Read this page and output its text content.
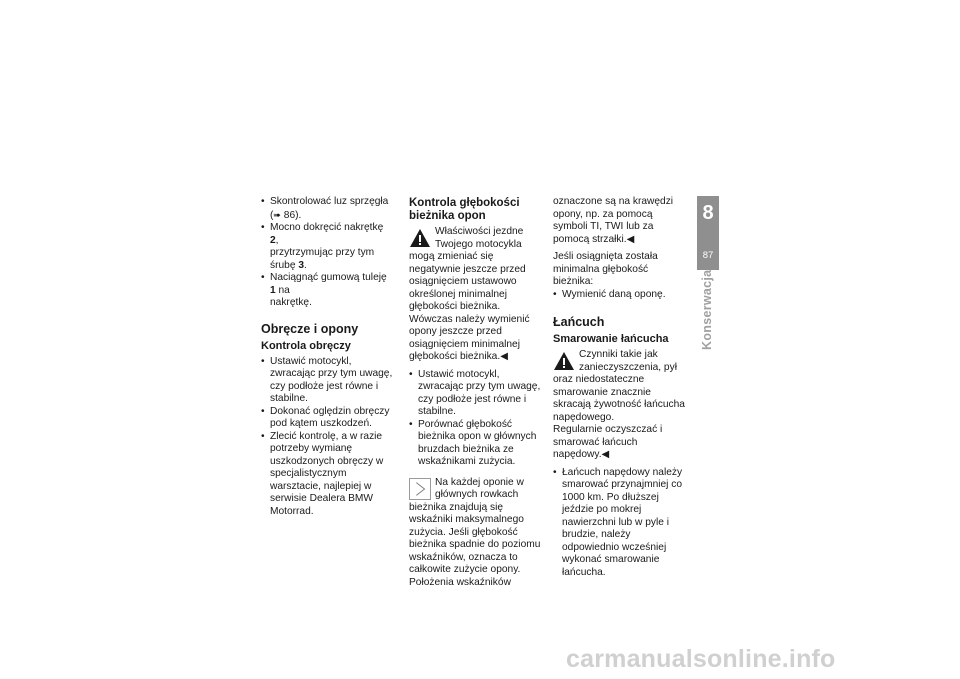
• Skontrolować luz sprzęgła
(➠ 86).
• Mocno dokręcić nakrętkę 2,
przytrzymując przy tym
śrubę 3.
• Naciągnąć gumową tuleję 1 na
nakrętkę.
Obręcze i opony
Kontrola obręczy
• Ustawić motocykl, zwracając przy tym uwagę, czy podłoże jest równe i stabilne.
• Dokonać oględzin obręczy pod kątem uszkodzeń.
• Zlecić kontrolę, a w razie potrzeby wymianę uszkodzonych obręczy w specjalistycznym warsztacie, najlepiej w serwisie Dealera BMW Motorrad.
Kontrola głębokości bieżnika opon
Właściwości jezdne Twojego motocykla mogą zmieniać się negatywnie jeszcze przed osiągnięciem ustawowo określonej minimalnej głębokości bieżnika.

Wówczas należy wymienić opony jeszcze przed osiągnięciem minimalnej głębokości bieżnika.◀

• Ustawić motocykl, zwracając przy tym uwagę, czy podłoże jest równe i stabilne.
• Porównać głębokość bieżnika opon w głównych bruzdach bieżnika ze wskaźnikami zużycia.
Na każdej oponie w głównych rowkach bieżnika znajdują się wskaźniki maksymalnego zużycia. Jeśli głębokość bieżnika spadnie do poziomu wskaźników, oznacza to całkowite zużycie opony. Położenia wskaźników

oznaczone są na krawędzi opony, np. za pomocą symboli TI, TWI lub za pomocą strzałki.◀

Jeśli osiągnięta została minimalna głębokość bieżnika:

• Wymienić daną oponę.
Łańcuch
Smarowanie łańcucha
Czynniki takie jak zanieczyszczenia, pył oraz niedostateczne smarowanie znacznie skracają żywotność łańcucha napędowego.

Regularnie oczyszczać i smarować łańcuch napędowy.◀

• Łańcuch napędowy należy smarować przynajmniej co 1000 km. Po dłuższej jeździe po mokrej nawierzchni lub w pyle i brudzie, należy odpowiednio wcześniej wykonać smarowanie łańcucha.
8
87
Konserwacja
carmanualsonline.info
